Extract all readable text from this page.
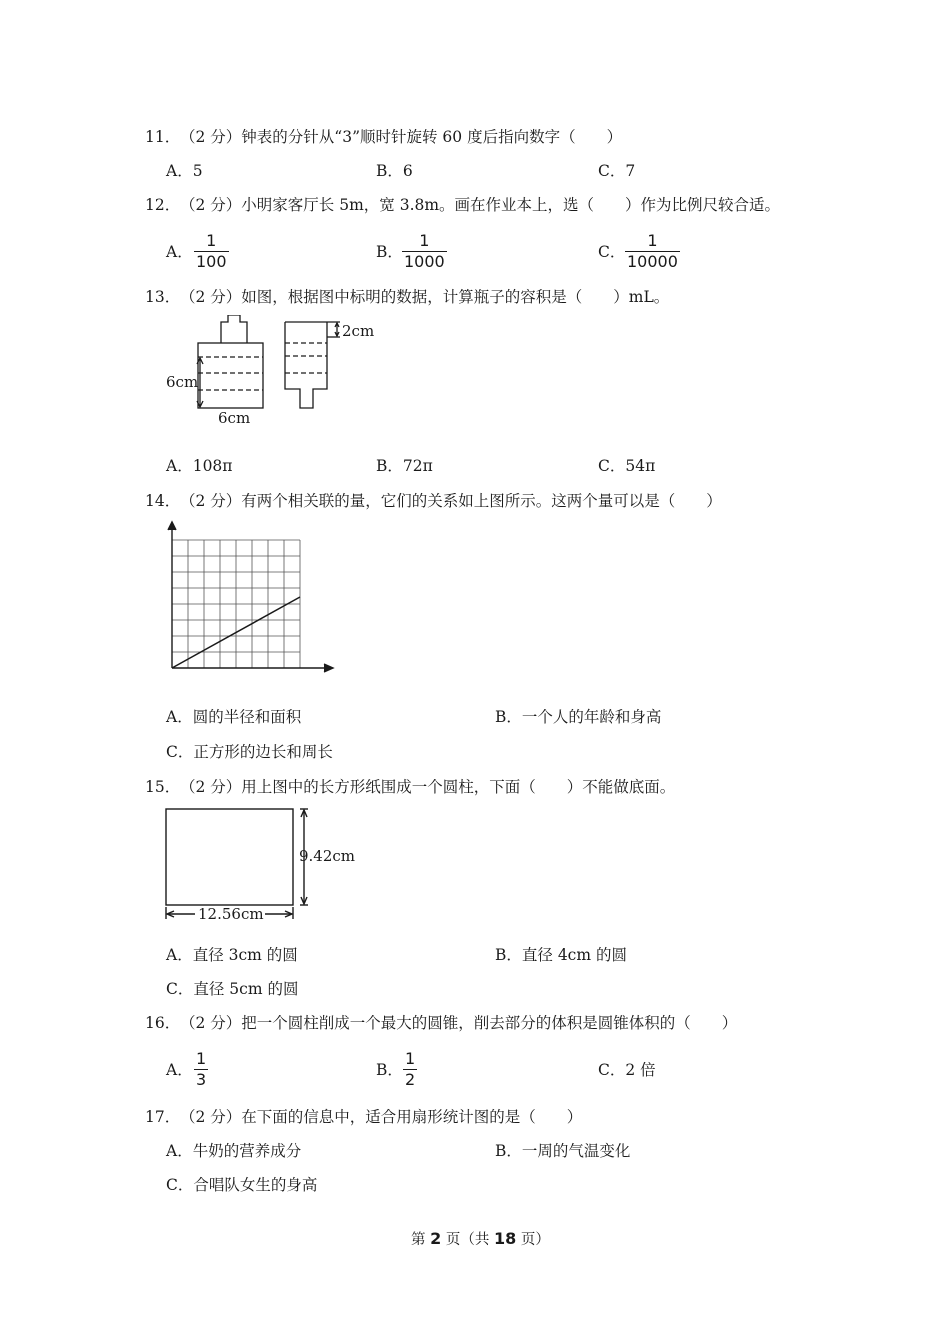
11． （2 分）钟表的分针从“3”顺时针旋转 60 度后指向数字（　　）
A．5	B．6	C．7
12． （2 分）小明家客厅长 5m，宽 3.8m。画在作业本上，选（　　）作为比例尺较合适。
A． $\frac{1}{100}$	B． $\frac{1}{1000}$	C． $\frac{1}{10000}$
13． （2 分）如图，根据图中标明的数据，计算瓶子的容积是（　　）mL。
6cm
6cm
2cm
A．108π	B．72π	C．54π
14． （2 分）有两个相关联的量，它们的关系如上图所示。这两个量可以是（　　）
A．圆的半径和面积	B．一个人的年龄和身高
C．正方形的边长和周长
15． （2 分）用上图中的长方形纸围成一个圆柱，下面（　　）不能做底面。
9.42cm
12.56cm
A．直径 3cm 的圆	B．直径 4cm 的圆
C．直径 5cm 的圆
16． （2 分）把一个圆柱削成一个最大的圆锥，削去部分的体积是圆锥体积的（　　）
A． $\frac{1}{3}$	B． $\frac{1}{2}$	C．2 倍
17． （2 分）在下面的信息中，适合用扇形统计图的是（　　）
A．牛奶的营养成分	B．一周的气温变化
C．合唱队女生的身高
第 2 页（共 18 页）
